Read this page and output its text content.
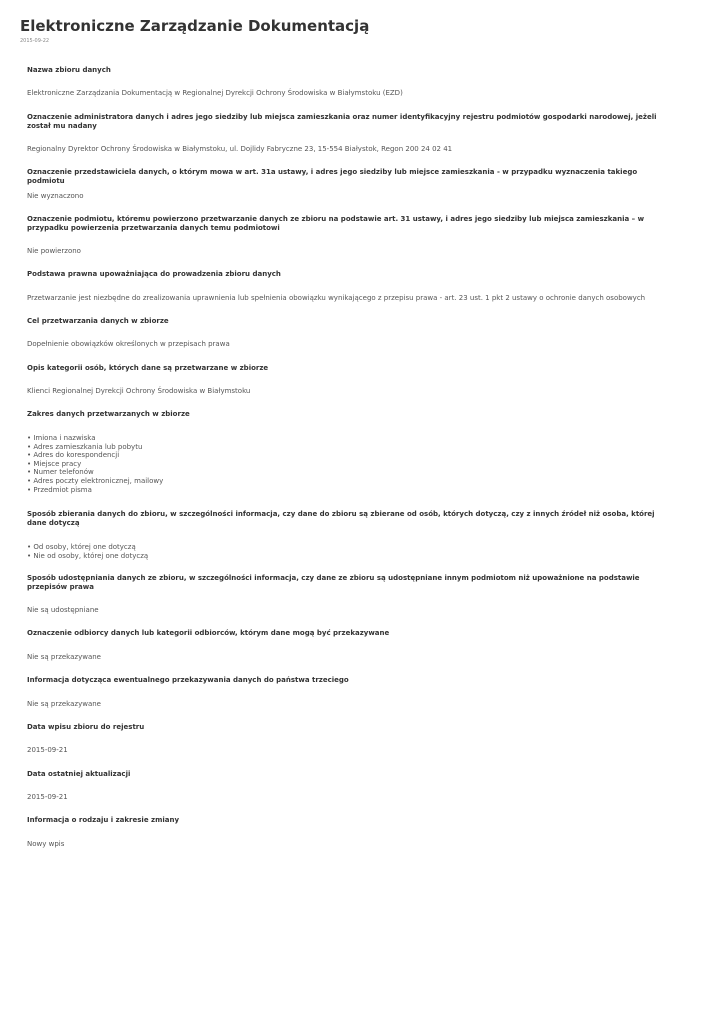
Elektroniczne Zarządzanie Dokumentacją
2015-09-22
Nazwa zbioru danych
Elektroniczne Zarządzania Dokumentacją w Regionalnej Dyrekcji Ochrony Środowiska w Białymstoku (EZD)
Oznaczenie administratora danych i adres jego siedziby lub miejsca zamieszkania oraz numer identyfikacyjny rejestru podmiotów gospodarki narodowej, jeżeli został mu nadany
Regionalny Dyrektor Ochrony Środowiska w Białymstoku, ul. Dojlidy Fabryczne 23, 15-554 Białystok, Regon 200 24 02 41
Oznaczenie przedstawiciela danych, o którym mowa w art. 31a ustawy, i adres jego siedziby lub miejsce zamieszkania - w przypadku wyznaczenia takiego podmiotu
Nie wyznaczono
Oznaczenie podmiotu, któremu powierzono przetwarzanie danych ze zbioru na podstawie art. 31 ustawy, i adres jego siedziby lub miejsca zamieszkania – w przypadku powierzenia przetwarzania danych temu podmiotowi
Nie powierzono
Podstawa prawna upoważniająca do prowadzenia zbioru danych
Przetwarzanie jest niezbędne do zrealizowania uprawnienia lub spełnienia obowiązku wynikającego z przepisu prawa - art. 23 ust. 1 pkt 2 ustawy o ochronie danych osobowych
Cel przetwarzania danych w zbiorze
Dopełnienie obowiązków określonych w przepisach prawa
Opis kategorii osób, których dane są przetwarzane w zbiorze
Klienci Regionalnej Dyrekcji Ochrony Środowiska w Białymstoku
Zakres danych przetwarzanych w zbiorze
• Imiona i nazwiska
• Adres zamieszkania lub pobytu
• Adres do korespondencji
• Miejsce pracy
• Numer telefonów
• Adres poczty elektronicznej, mailowy
• Przedmiot pisma
Sposób zbierania danych do zbioru, w szczególności informacja, czy dane do zbioru są zbierane od osób, których dotyczą, czy z innych źródeł niż osoba, której dane dotyczą
• Od osoby, której one dotyczą
• Nie od osoby, której one dotyczą
Sposób udostępniania danych ze zbioru, w szczególności informacja, czy dane ze zbioru są udostępniane innym podmiotom niż upoważnione na podstawie przepisów prawa
Nie są udostępniane
Oznaczenie odbiorcy danych lub kategorii odbiorców, którym dane mogą być przekazywane
Nie są przekazywane
Informacja dotycząca ewentualnego przekazywania danych do państwa trzeciego
Nie są przekazywane
Data wpisu zbioru do rejestru
2015-09-21
Data ostatniej aktualizacji
2015-09-21
Informacja o rodzaju i zakresie zmiany
Nowy wpis
